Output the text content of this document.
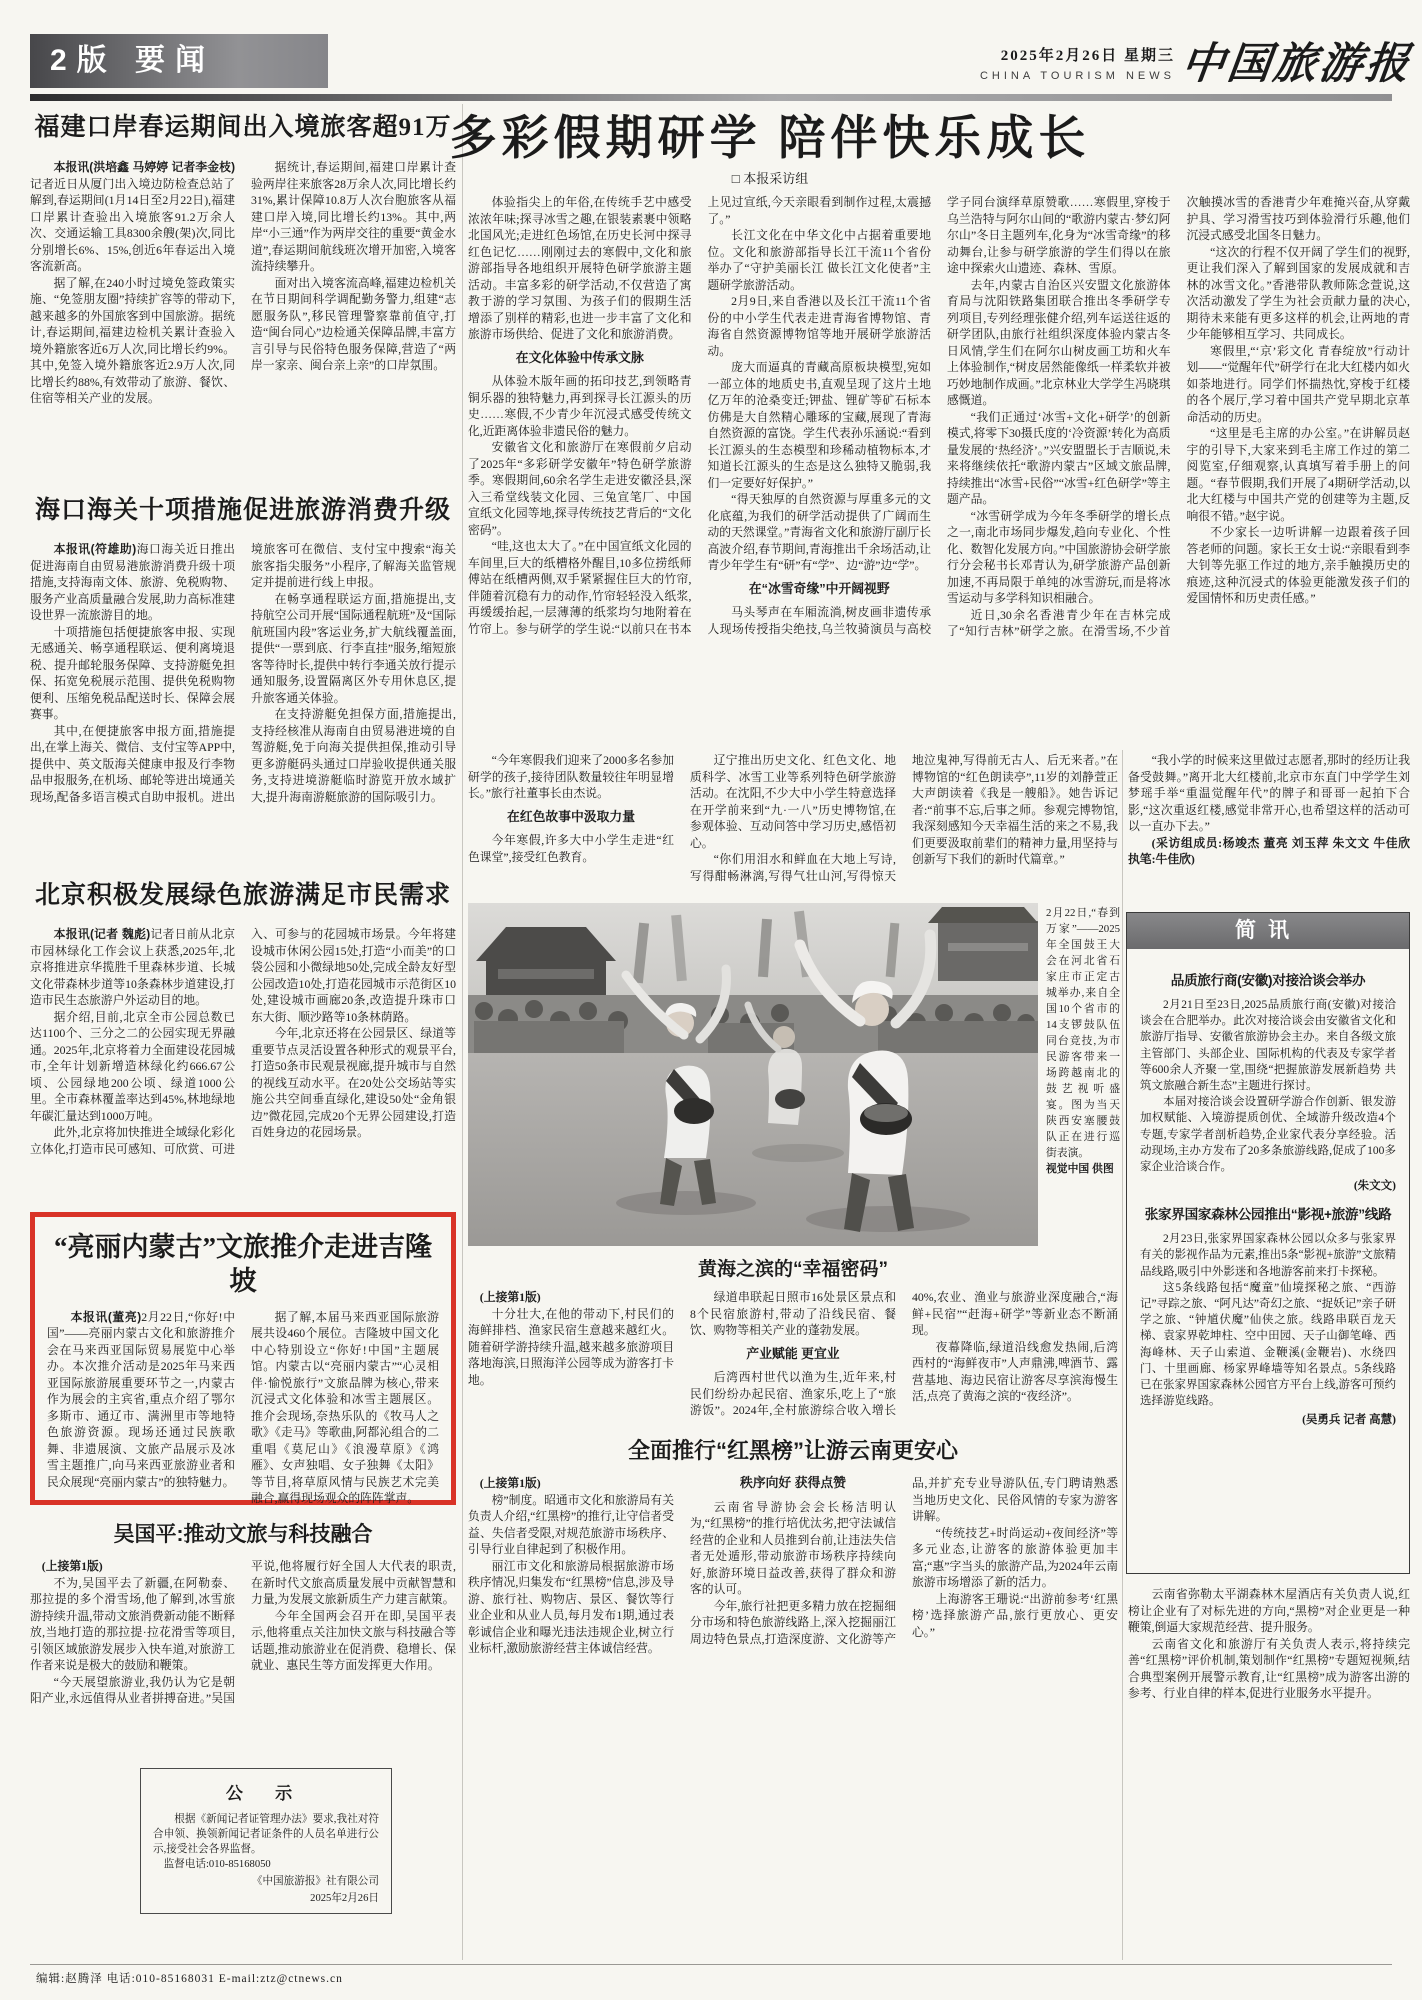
2版 要闻	2025年2月26日 星期三
CHINA TOURISM NEWS 中国旅游报
福建口岸春运期间出入境旅客超91万

本报讯(洪培鑫 马婷婷 记者李金枝)记者近日从厦门出入境边防检查总站了解到,春运期间(1月14日至2月22日),福建口岸累计查验出入境旅客91.2万余人次、交通运输工具8300余艘(架)次,同比分别增长6%、15%,创近6年春运出入境客流新高。

据了解,在240小时过境免签政策实施、“免签朋友圈”持续扩容等的带动下,越来越多的外国旅客到中国旅游。据统计,春运期间,福建边检机关累计查验入境外籍旅客近6万人次,同比增长约9%。其中,免签入境外籍旅客近2.9万人次,同比增长约88%,有效带动了旅游、餐饮、住宿等相关产业的发展。

据统计,春运期间,福建口岸累计查验两岸往来旅客28万余人次,同比增长约31%,累计保障10.8万人次台胞旅客从福建口岸入境,同比增长约13%。其中,两岸“小三通”作为两岸交往的重要“黄金水道”,春运期间航线班次增开加密,入境客流持续攀升。

面对出入境客流高峰,福建边检机关在节日期间科学调配勤务警力,组建“志愿服务队”,移民管理警察靠前值守,打造“闽台同心”边检通关保障品牌,丰富方言引导与民俗特色服务保障,营造了“两岸一家亲、闽台亲上亲”的口岸氛围。

海口海关十项措施促进旅游消费升级

本报讯(符雄助)海口海关近日推出促进海南自由贸易港旅游消费升级十项措施,支持海南文体、旅游、免税购物、服务产业高质量融合发展,助力高标准建设世界一流旅游目的地。

十项措施包括便捷旅客申报、实现无感通关、畅享通程联运、便利离境退税、提升邮轮服务保障、支持游艇免担保、拓宽免税展示范围、提供免税购物便利、压缩免税品配送时长、保障会展赛事。

其中,在便捷旅客申报方面,措施提出,在掌上海关、微信、支付宝等APP中,提供中、英文版海关健康申报及行李物品申报服务,在机场、邮轮等进出境通关现场,配备多语言模式自助申报机。进出境旅客可在微信、支付宝中搜索“海关旅客指尖服务”小程序,了解海关监管规定并提前进行线上申报。

在畅享通程联运方面,措施提出,支持航空公司开展“国际通程航班”及“国际航班国内段”客运业务,扩大航线覆盖面,提供“一票到底、行李直挂”服务,缩短旅客等待时长,提供中转行李通关放行提示通知服务,设置隔离区外专用休息区,提升旅客通关体验。

在支持游艇免担保方面,措施提出,支持经核准从海南自由贸易港进境的自驾游艇,免于向海关提供担保,推动引导更多游艇码头通过口岸验收提供通关服务,支持进境游艇临时游览开放水域扩大,提升海南游艇旅游的国际吸引力。

北京积极发展绿色旅游满足市民需求

本报讯(记者 魏彪)记者日前从北京市园林绿化工作会议上获悉,2025年,北京将推进京华揽胜千里森林步道、长城文化带森林步道等10条森林步道建设,打造市民生态旅游户外运动目的地。

据介绍,目前,北京全市公园总数已达1100个、三分之二的公园实现无界融通。2025年,北京将着力全面建设花园城市,全年计划新增造林绿化约666.67公顷、公园绿地200公顷、绿道1000公里。全市森林覆盖率达到45%,林地绿地年碳汇量达到1000万吨。

此外,北京将加快推进全域绿化彩化立体化,打造市民可感知、可欣赏、可进入、可参与的花园城市场景。今年将建设城市休闲公园15处,打造“小而美”的口袋公园和小微绿地50处,完成全龄友好型公园改造10处,打造花园城市示范街区10处,建设城市画廊20条,改造提升珠市口东大街、顺沙路等10条林荫路。

今年,北京还将在公园景区、绿道等重要节点灵活设置各种形式的观景平台,打造50条市民观景视廊,提升城市与自然的视线互动水平。在20处公交场站等实施公共空间垂直绿化,建设50处“金角银边”微花园,完成20个无界公园建设,打造百姓身边的花园场景。

“亮丽内蒙古”文旅推介走进吉隆坡

本报讯(董亮)2月22日,“你好!中国”——亮丽内蒙古文化和旅游推介会在马来西亚国际贸易展览中心举办。本次推介活动是2025年马来西亚国际旅游展重要环节之一,内蒙古作为展会的主宾省,重点介绍了鄂尔多斯市、通辽市、满洲里市等地特色旅游资源。现场还通过民族歌舞、非遗展演、文旅产品展示及冰雪主题推广,向马来西亚旅游业者和民众展现“亮丽内蒙古”的独特魅力。

据了解,本届马来西亚国际旅游展共设460个展位。吉隆坡中国文化中心特别设立“你好!中国”主题展馆。内蒙古以“亮丽内蒙古”“心灵相伴·愉悦旅行”文旅品牌为核心,带来沉浸式文化体验和冰雪主题展区。推介会现场,奈热乐队的《牧马人之歌》《走马》等歌曲,阿都沁组合的二重唱《莫尼山》《浪漫草原》《鸿雁》、女声独唱、女子独舞《太阳》等节目,将草原风情与民族艺术完美融合,赢得现场观众的阵阵掌声。

吴国平:推动文旅与科技融合

(上接第1版)

不为,吴国平去了新疆,在阿勒泰、那拉提的多个滑雪场,他了解到,冰雪旅游持续升温,带动文旅消费新动能不断释放,当地打造的那拉提·拉花滑雪等项目,引领区域旅游发展步入快车道,对旅游工作者来说是极大的鼓励和鞭策。

“今天展望旅游业,我仍认为它是朝阳产业,永远值得从业者拼搏奋进。”吴国平说,他将履行好全国人大代表的职责,在新时代文旅高质量发展中贡献智慧和力量,为发展文旅新质生产力建言献策。

今年全国两会召开在即,吴国平表示,他将重点关注加快文旅与科技融合等话题,推动旅游业在促消费、稳增长、保就业、惠民生等方面发挥更大作用。

公 示

根据《新闻记者证管理办法》要求,我社对符合申领、换领新闻记者证条件的人员名单进行公示,接受社会各界监督。

监督电话:010-85168050

《中国旅游报》社有限公司

2025年2月26日

多彩假期研学 陪伴快乐成长
□ 本报采访组

体验指尖上的年俗,在传统手艺中感受浓浓年味;探寻冰雪之趣,在银装素裹中领略北国风光;走进红色场馆,在历史长河中探寻红色记忆……刚刚过去的寒假中,文化和旅游部指导各地组织开展特色研学旅游主题活动。丰富多彩的研学活动,不仅营造了寓教于游的学习氛围、为孩子们的假期生活增添了别样的精彩,也进一步丰富了文化和旅游市场供给、促进了文化和旅游消费。

在文化体验中传承文脉

从体验木版年画的拓印技艺,到领略青铜乐器的独特魅力,再到探寻长江源头的历史……寒假,不少青少年沉浸式感受传统文化,近距离体验非遗民俗的魅力。

安徽省文化和旅游厅在寒假前夕启动了2025年“多彩研学安徽年”特色研学旅游季。寒假期间,60余名学生走进安徽泾县,深入三希堂线装文化园、三兔宣笔厂、中国宣纸文化园等地,探寻传统技艺背后的“文化密码”。

“哇,这也太大了。”在中国宣纸文化园的车间里,巨大的纸槽格外醒目,10多位捞纸师傅站在纸槽两侧,双手紧紧握住巨大的竹帘,伴随着沉稳有力的动作,竹帘轻轻没入纸浆,再缓缓抬起,一层薄薄的纸浆均匀地附着在竹帘上。参与研学的学生说:“以前只在书本上见过宣纸,今天亲眼看到制作过程,太震撼了。”

长江文化在中华文化中占据着重要地位。文化和旅游部指导长江干流11个省份举办了“守护美丽长江 做长江文化使者”主题研学旅游活动。

2月9日,来自香港以及长江干流11个省份的中小学生代表走进青海省博物馆、青海省自然资源博物馆等地开展研学旅游活动。

庞大而逼真的青藏高原板块模型,宛如一部立体的地质史书,直观呈现了这片土地亿万年的沧桑变迁;钾盐、锂矿等矿石标本仿佛是大自然精心雕琢的宝藏,展现了青海自然资源的富饶。学生代表孙乐涵说:“看到长江源头的生态模型和珍稀动植物标本,才知道长江源头的生态是这么独特又脆弱,我们一定要好好保护。”

“得天独厚的自然资源与厚重多元的文化底蕴,为我们的研学活动提供了广阔而生动的天然课堂。”青海省文化和旅游厅副厅长高波介绍,春节期间,青海推出千余场活动,让青少年学生有“研”有“学”、边“游”边“学”。

在“冰雪奇缘”中开阔视野

马头琴声在车厢流淌,树皮画非遗传承人现场传授指尖绝技,乌兰牧骑演员与高校学子同台演绎草原赞歌……寒假里,穿梭于乌兰浩特与阿尔山间的“歌游内蒙古·梦幻阿尔山”冬日主题列车,化身为“冰雪奇缘”的移动舞台,让参与研学旅游的学生们得以在旅途中探索火山遗迹、森林、雪原。

去年,内蒙古自治区兴安盟文化旅游体育局与沈阳铁路集团联合推出冬季研学专列项目,专列经理张健介绍,列车运送往返的研学团队,由旅行社组织深度体验内蒙古冬日风情,学生们在阿尔山树皮画工坊和火车上体验制作,“树皮居然能像纸一样柔软并被巧妙地制作成画。”北京林业大学学生冯晓琪感慨道。

“我们正通过‘冰雪+文化+研学’的创新模式,将零下30摄氏度的‘冷资源’转化为高质量发展的‘热经济’。”兴安盟盟长于吉顺说,未来将继续依托“歌游内蒙古”区域文旅品牌,持续推出“冰雪+民俗”“冰雪+红色研学”等主题产品。

“冰雪研学成为今年冬季研学的增长点之一,南北市场同步爆发,趋向专业化、个性化、数智化发展方向。”中国旅游协会研学旅行分会秘书长邓青认为,研学旅游产品创新加速,不再局限于单纯的冰雪游玩,而是将冰雪运动与多学科知识相融合。

近日,30余名香港青少年在吉林完成了“知行吉林”研学之旅。在滑雪场,不少首次触摸冰雪的香港青少年难掩兴奋,从穿戴护具、学习滑雪技巧到体验滑行乐趣,他们沉浸式感受北国冬日魅力。

“这次的行程不仅开阔了学生们的视野,更让我们深入了解到国家的发展成就和吉林的冰雪文化。”香港带队教师陈念萱说,这次活动激发了学生为社会贡献力量的决心,期待未来能有更多这样的机会,让两地的青少年能够相互学习、共同成长。

寒假里,“‘京’彩文化 青春绽放”行动计划——“觉醒年代”研学行在北大红楼内如火如荼地进行。同学们怀揣热忱,穿梭于红楼的各个展厅,学习着中国共产党早期北京革命活动的历史。

“这里是毛主席的办公室。”在讲解员赵宇的引导下,大家来到毛主席工作过的第二阅览室,仔细观察,认真填写着手册上的问题。“春节假期,我们开展了4期研学活动,以北大红楼与中国共产党的创建等为主题,反响很不错。”赵宇说。

不少家长一边听讲解一边跟着孩子回答老师的问题。家长王女士说:“亲眼看到李大钊等先驱工作过的地方,亲手触摸历史的痕迹,这种沉浸式的体验更能激发孩子们的爱国情怀和历史责任感。”

“今年寒假我们迎来了2000多名参加研学的孩子,接待团队数量较往年明显增长。”旅行社董事长由杰说。

在红色故事中汲取力量

今年寒假,许多大中小学生走进“红色课堂”,接受红色教育。

辽宁推出历史文化、红色文化、地质科学、冰雪工业等系列特色研学旅游活动。在沈阳,不少大中小学生特意选择在开学前来到“九·一八”历史博物馆,在参观体验、互动问答中学习历史,感悟初心。

“你们用泪水和鲜血在大地上写诗,写得酣畅淋漓,写得气壮山河,写得惊天地泣鬼神,写得前无古人、后无来者。”在博物馆的“红色朗读亭”,11岁的刘静萱正大声朗读着《我是一艘船》。她告诉记者:“前事不忘,后事之师。参观完博物馆,我深刻感知今天幸福生活的来之不易,我们更要汲取前辈们的精神力量,用坚持与创新写下我们的新时代篇章。”

“我小学的时候来这里做过志愿者,那时的经历让我备受鼓舞。”离开北大红楼前,北京市东直门中学学生刘梦瑶手举“重温觉醒年代”的牌子和哥哥一起拍下合影,“这次重返红楼,感觉非常开心,也希望这样的活动可以一直办下去。”

(采访组成员:杨竣杰 董亮 刘玉萍 朱文文 牛佳欣 执笔:牛佳欣)

2月22日,“春到万家”——2025年全国鼓王大会在河北省石家庄市正定古城举办,来自全国10个省市的14支锣鼓队伍同台竞技,为市民游客带来一场跨越南北的鼓艺视听盛宴。图为当天陕西安塞腰鼓队正在进行巡街表演。
视觉中国 供图
黄海之滨的“幸福密码”

(上接第1版)

十分壮大,在他的带动下,村民们的海鲜排档、渔家民宿生意越来越红火。随着研学游持续升温,越来越多旅游项目落地海滨,日照海洋公园等成为游客打卡地。

绿道串联起日照市16处景区景点和8个民宿旅游村,带动了沿线民宿、餐饮、购物等相关产业的蓬勃发展。

产业赋能 更宜业

后湾西村世代以渔为生,近年来,村民们纷纷办起民宿、渔家乐,吃上了“旅游饭”。2024年,全村旅游综合收入增长40%,农业、渔业与旅游业深度融合,“海鲜+民宿”“赶海+研学”等新业态不断涌现。

夜幕降临,绿道沿线愈发热闹,后湾西村的“海鲜夜市”人声鼎沸,啤酒节、露营基地、海边民宿让游客尽享滨海慢生活,点亮了黄海之滨的“夜经济”。

全面推行“红黑榜”让游云南更安心

(上接第1版)

榜”制度。昭通市文化和旅游局有关负责人介绍,“红黑榜”的推行,让守信者受益、失信者受限,对规范旅游市场秩序、引导行业自律起到了积极作用。

丽江市文化和旅游局根据旅游市场秩序情况,归集发布“红黑榜”信息,涉及导游、旅行社、购物店、景区、餐饮等行业企业和从业人员,每月发布1期,通过表彰诚信企业和曝光违法违规企业,树立行业标杆,激励旅游经营主体诚信经营。

秩序向好 获得点赞

云南省导游协会会长杨洁明认为,“红黑榜”的推行培优汰劣,把守法诚信经营的企业和人员推到台前,让违法失信者无处遁形,带动旅游市场秩序持续向好,旅游环境日益改善,获得了群众和游客的认可。

今年,旅行社把更多精力放在挖掘细分市场和特色旅游线路上,深入挖掘丽江周边特色景点,打造深度游、文化游等产品,并扩充专业导游队伍,专门聘请熟悉当地历史文化、民俗风情的专家为游客讲解。

“传统技艺+时尚运动+夜间经济”等多元业态,让游客的旅游体验更加丰富;“惠”字当头的旅游产品,为2024年云南旅游市场增添了新的活力。

上海游客王珊说:“出游前参考‘红黑榜’选择旅游产品,旅行更放心、更安心。”

云南省弥勒太平湖森林木屋酒店有关负责人说,红榜让企业有了对标先进的方向,“黑榜”对企业更是一种鞭策,倒逼大家规范经营、提升服务。

云南省文化和旅游厅有关负责人表示,将持续完善“红黑榜”评价机制,策划制作“红黑榜”专题短视频,结合典型案例开展警示教育,让“红黑榜”成为游客出游的参考、行业自律的样本,促进行业服务水平提升。

简讯
品质旅行商(安徽)对接洽谈会举办

2月21日至23日,2025品质旅行商(安徽)对接洽谈会在合肥举办。此次对接洽谈会由安徽省文化和旅游厅指导、安徽省旅游协会主办。来自各级文旅主管部门、头部企业、国际机构的代表及专家学者等600余人齐聚一堂,围绕“把握旅游发展新趋势 共筑文旅融合新生态”主题进行探讨。

本届对接洽谈会设置研学游合作创新、银发游加权赋能、入境游提质创优、全域游升级改造4个专题,专家学者剖析趋势,企业家代表分享经验。活动现场,主办方发布了20多条旅游线路,促成了100多家企业洽谈合作。

(朱文文)
张家界国家森林公园推出“影视+旅游”线路

2月23日,张家界国家森林公园以众多与张家界有关的影视作品为元素,推出5条“影视+旅游”文旅精品线路,吸引中外影迷和各地游客前来打卡探秘。

这5条线路包括“魔童”仙境探秘之旅、“西游记”寻踪之旅、“阿凡达”奇幻之旅、“捉妖记”亲子研学之旅、“钟馗伏魔”仙侠之旅。线路串联百龙天梯、袁家界乾坤柱、空中田园、天子山御笔峰、西海峰林、天子山索道、金鞭溪(金鞭岩)、水绕四门、十里画廊、杨家界峰墙等知名景点。5条线路已在张家界国家森林公园官方平台上线,游客可预约选择游览线路。

(吴勇兵 记者 高慧)
编辑:赵腾泽 电话:010-85168031 E-mail:ztz@ctnews.cn
